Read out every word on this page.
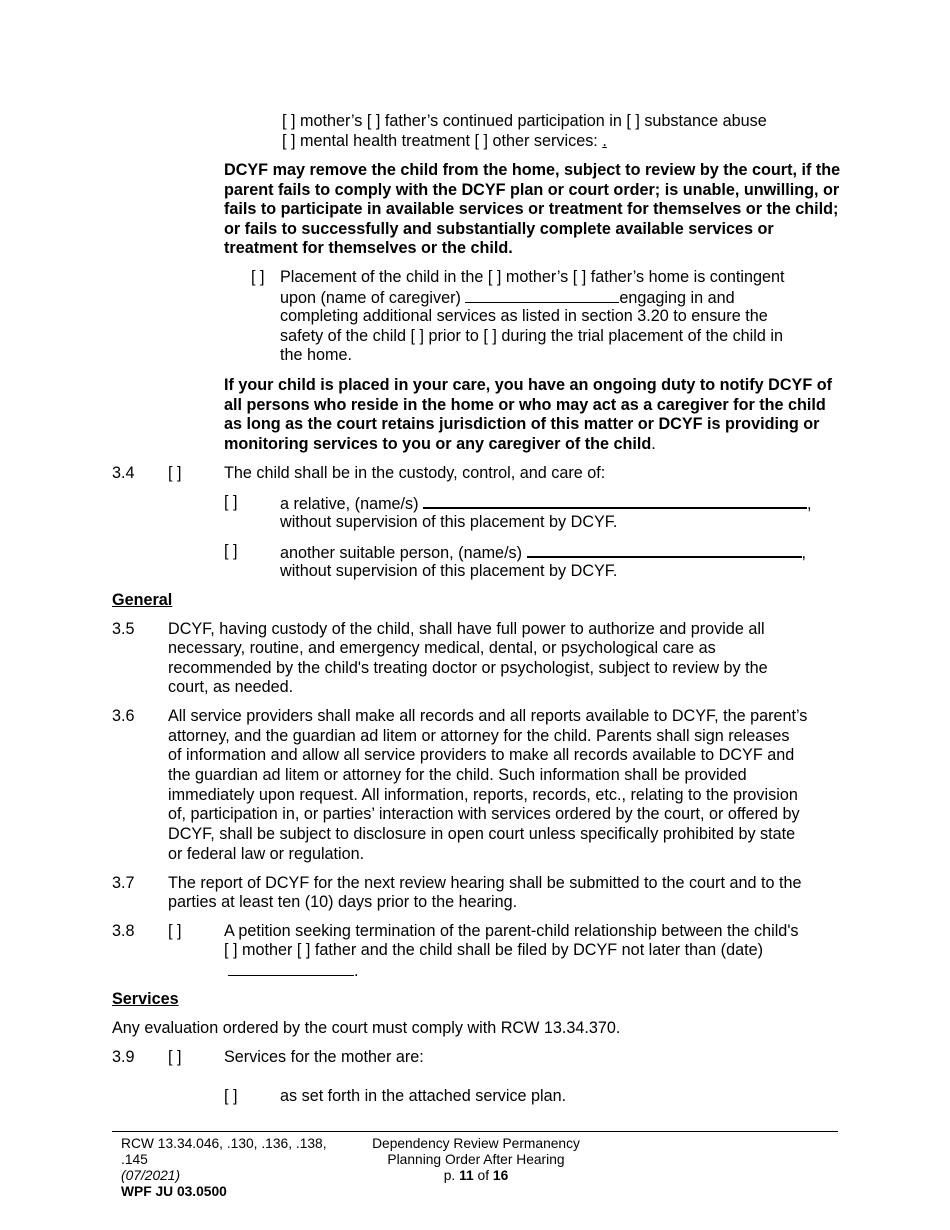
[ ] mother’s [ ] father’s continued participation in [ ] substance abuse
[ ] mental health treatment [ ] other services: .
DCYF may remove the child from the home, subject to review by the court, if the parent fails to comply with the DCYF plan or court order; is unable, unwilling, or fails to participate in available services or treatment for themselves or the child; or fails to successfully and substantially complete available services or treatment for themselves or the child.
[ ] Placement of the child in the [ ] mother’s [ ] father’s home is contingent
upon (name of caregiver)	engaging in and
completing additional services as listed in section 3.20 to ensure the
safety of the child [ ] prior to [ ] during the trial placement of the child in
the home.
If your child is placed in your care, you have an ongoing duty to notify DCYF of all persons who reside in the home or who may act as a caregiver for the child as long as the court retains jurisdiction of this matter or DCYF is providing or monitoring services to you or any caregiver of the child.
3.4 [ ]	The child shall be in the custody, control, and care of:
[ ]	a relative, (name/s)	,
without supervision of this placement by DCYF.
[ ]	another suitable person, (name/s)	,
without supervision of this placement by DCYF.
General
3.5 DCYF, having custody of the child, shall have full power to authorize and provide all
necessary, routine, and emergency medical, dental, or psychological care as
recommended by the child's treating doctor or psychologist, subject to review by the
court, as needed.
3.6 All service providers shall make all records and all reports available to DCYF, the parent’s
attorney, and the guardian ad litem or attorney for the child. Parents shall sign releases
of information and allow all service providers to make all records available to DCYF and
the guardian ad litem or attorney for the child. Such information shall be provided
immediately upon request. All information, reports, records, etc., relating to the provision
of, participation in, or parties’ interaction with services ordered by the court, or offered by
DCYF, shall be subject to disclosure in open court unless specifically prohibited by state
or federal law or regulation.
3.7 The report of DCYF for the next review hearing shall be submitted to the court and to the
parties at least ten (10) days prior to the hearing.
3.8 [ ]	A petition seeking termination of the parent-child relationship between the child's
[ ] mother [ ] father and the child shall be filed by DCYF not later than (date)
.
Services
Any evaluation ordered by the court must comply with RCW 13.34.370.
3.9 [ ]	Services for the mother are:
[ ]	as set forth in the attached service plan.
RCW 13.34.046, .130, .136, .138,
.145
(07/2021)
WPF JU 03.0500
Dependency Review Permanency
Planning Order After Hearing
p. 11 of 16
